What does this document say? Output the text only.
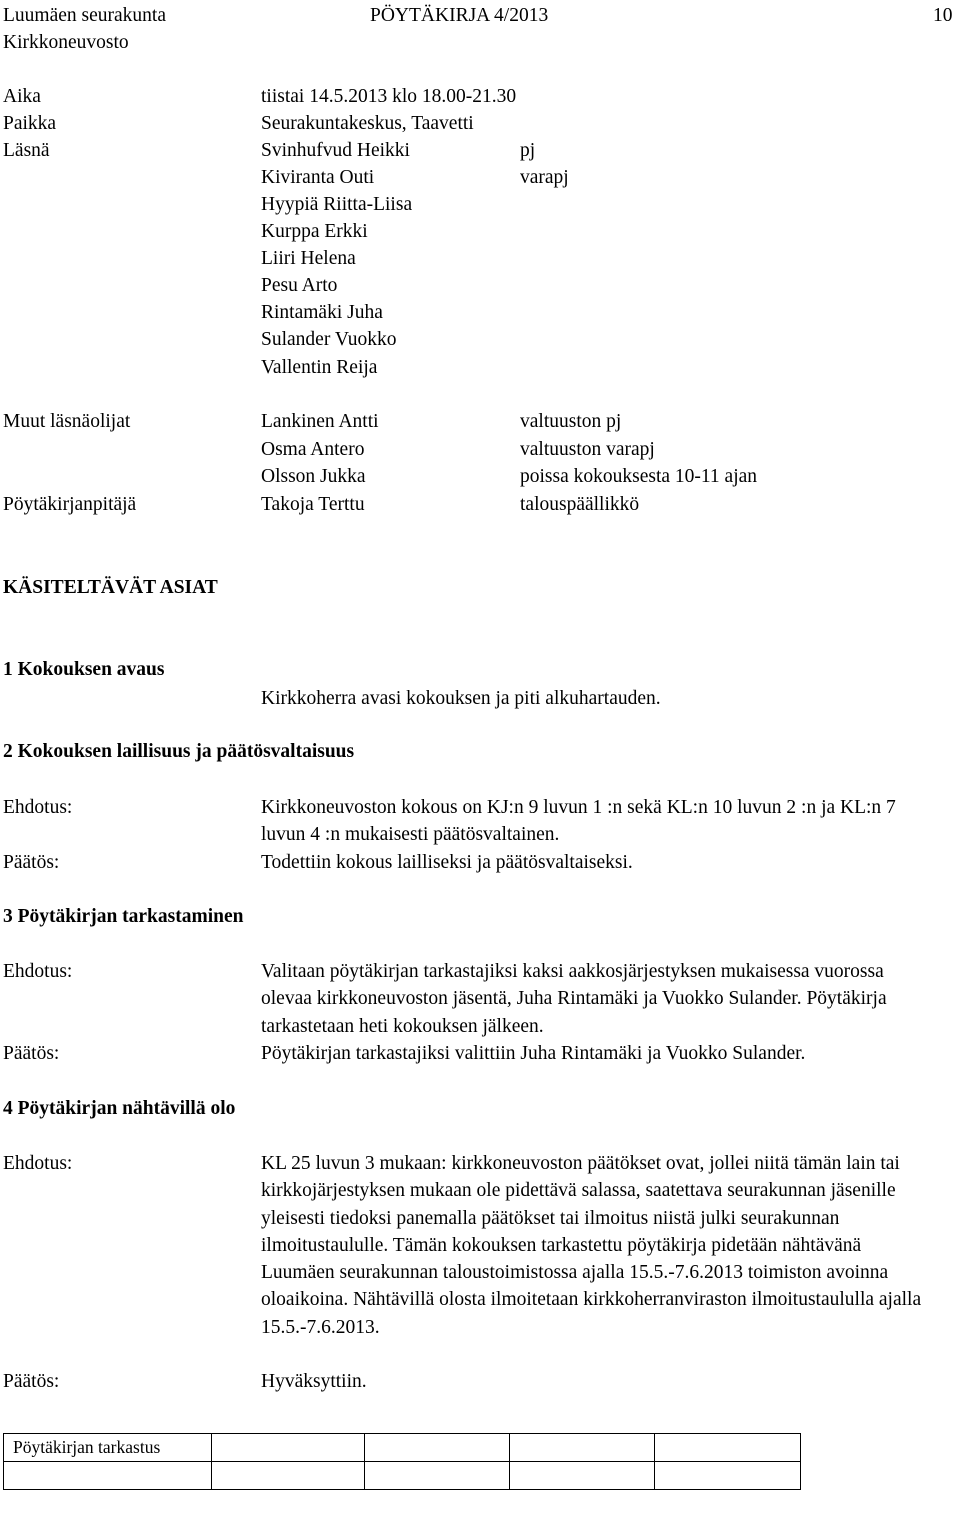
Luumäen seurakunta
Kirkkoneuvosto
PÖYTÄKIRJA 4/2013	10
Aika	tiistai 14.5.2013 klo 18.00-21.30
Paikka	Seurakuntakeskus, Taavetti
Läsnä	Svinhufvud Heikki	pj
Kiviranta Outi	varapj
Hyypiä Riitta-Liisa
Kurppa Erkki
Liiri Helena
Pesu Arto
Rintamäki Juha
Sulander Vuokko
Vallentin Reija
Muut läsnäolijat	Lankinen Antti	valtuuston pj
Osma Antero	valtuuston varapj
Olsson Jukka	poissa kokouksesta 10-11 ajan
Pöytäkirjanpitäjä	Takoja Terttu	talouspäällikkö
KÄSITELTÄVÄT ASIAT
1 Kokouksen avaus
Kirkkoherra avasi kokouksen ja piti alkuhartauden.
2 Kokouksen laillisuus ja päätösvaltaisuus
Ehdotus:	Kirkkoneuvoston kokous on KJ:n 9 luvun 1 :n sekä KL:n 10 luvun 2 :n ja KL:n 7 luvun 4 :n mukaisesti päätösvaltainen.
Päätös:	Todettiin kokous lailliseksi ja päätösvaltaiseksi.
3 Pöytäkirjan tarkastaminen
Ehdotus:	Valitaan pöytäkirjan tarkastajiksi kaksi aakkosjärjestyksen mukaisessa vuorossa olevaa kirkkoneuvoston jäsentä, Juha Rintamäki ja Vuokko Sulander. Pöytäkirja tarkastetaan heti kokouksen jälkeen.
Päätös:	Pöytäkirjan tarkastajiksi valittiin Juha Rintamäki ja Vuokko Sulander.
4 Pöytäkirjan nähtävillä olo
Ehdotus:	KL 25 luvun 3 mukaan: kirkkoneuvoston päätökset ovat, jollei niitä tämän lain tai kirkkojärjestyksen mukaan ole pidettävä salassa, saatettava seurakunnan jäsenille yleisesti tiedoksi panemalla päätökset tai ilmoitus niistä julki seurakunnan ilmoitustaululle. Tämän kokouksen tarkastettu pöytäkirja pidetään nähtävänä Luumäen seurakunnan taloustoimistossa ajalla 15.5.-7.6.2013 toimiston avoinna oloaikoina. Nähtävillä olosta ilmoitetaan kirkkoherranviraston ilmoitustaululla ajalla 15.5.-7.6.2013.
Päätös:	Hyväksyttiin.
Pöytäkirjan tarkastus				
